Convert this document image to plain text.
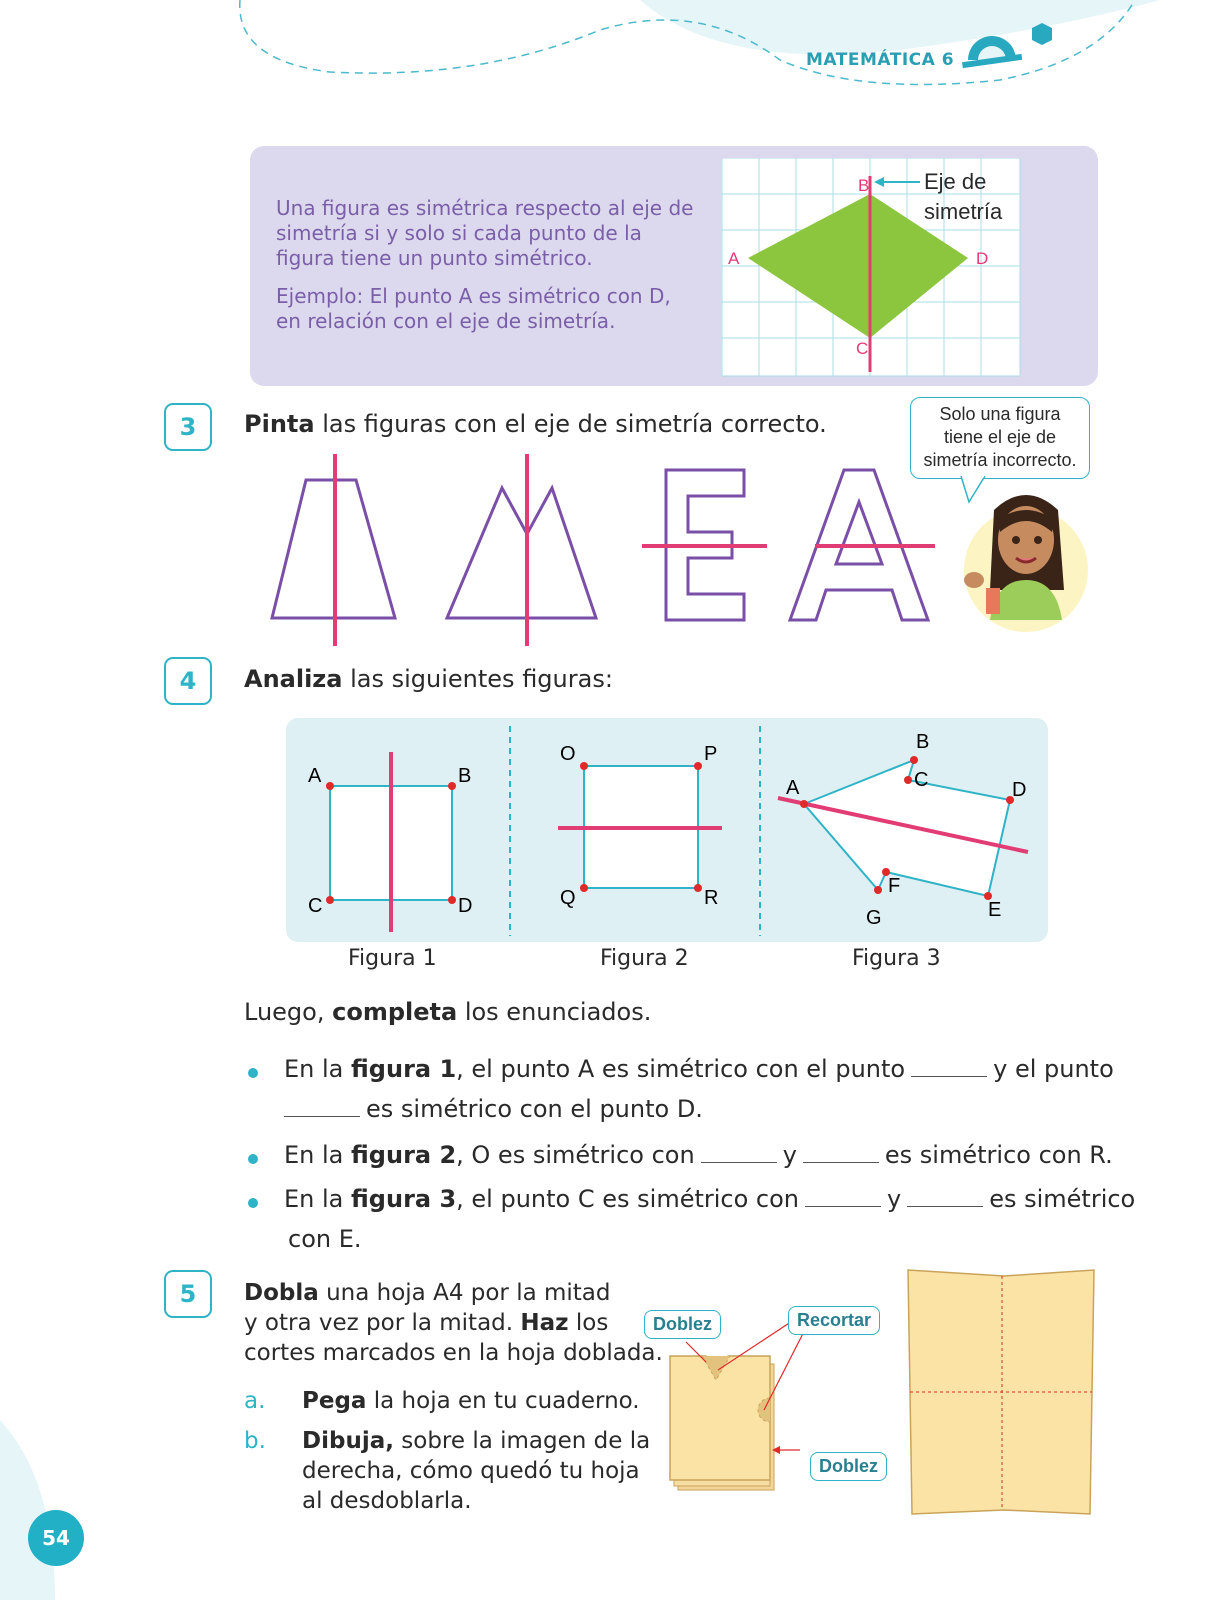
MATEMÁTICA 6
Una figura es simétrica respecto al eje de simetría si y solo si cada punto de la figura tiene un punto simétrico.
Ejemplo: El punto A es simétrico con D, en relación con el eje de simetría.
B
A	D
C
Eje de
simetría
3	Pinta las figuras con el eje de simetría correcto.	Solo una figura tiene el eje de simetría incorrecto.
4	Analiza las siguientes figuras:
A	B
C	D
O	P
Q	R
A
B
C	D
E
F
G
Figura 1	Figura 2	Figura 3
Luego, completa los enunciados.
En la figura 1, el punto A es simétrico con el punto	y el punto
es simétrico con el punto D.
En la figura 2, O es simétrico con	y	es simétrico con R.
En la figura 3, el punto C es simétrico con	y	es simétrico
con E.
5	Dobla una hoja A4 por la mitad
y otra vez por la mitad. Haz los
cortes marcados en la hoja doblada.
a. Pega la hoja en tu cuaderno.
b. Dibuja, sobre la imagen de la
derecha, cómo quedó tu hoja
al desdoblarla.
Doblez	Recortar
Doblez
54
